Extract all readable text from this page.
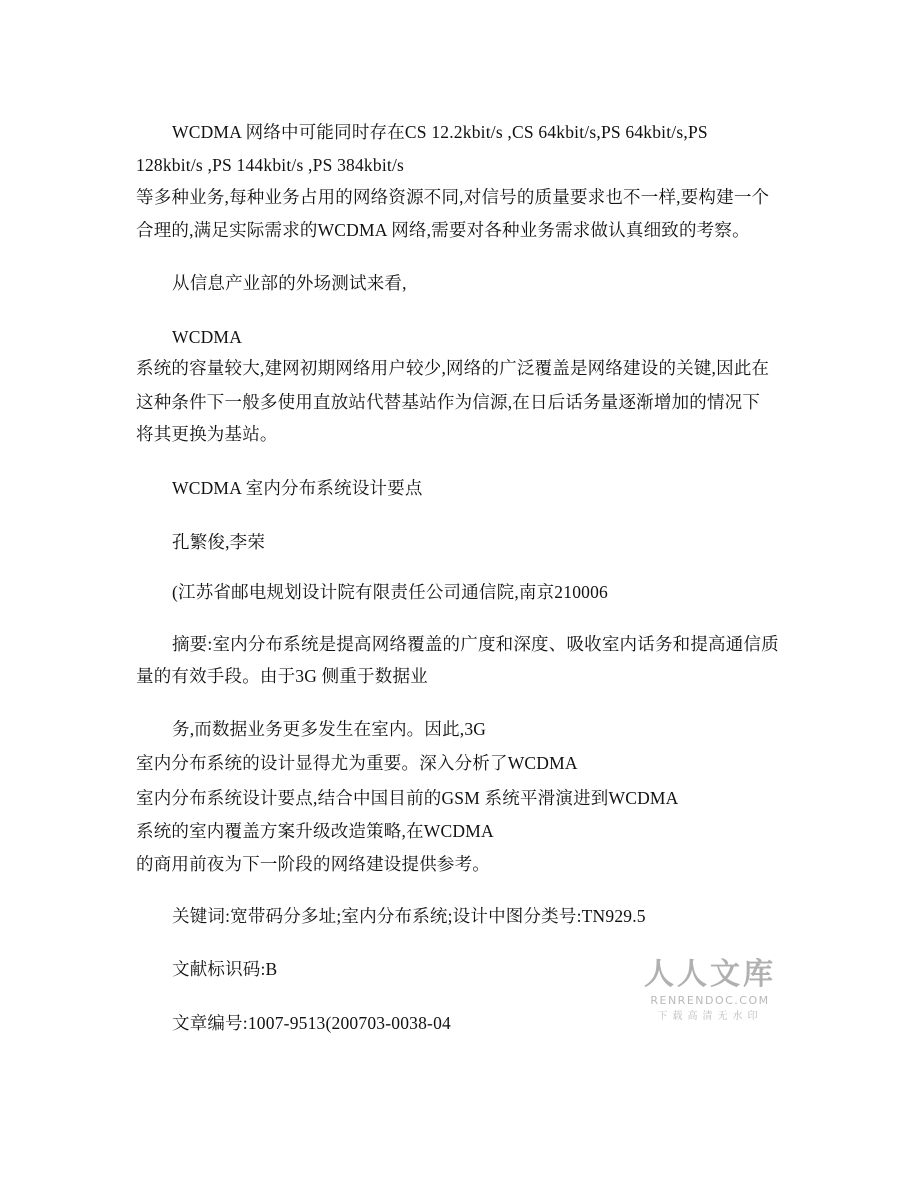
WCDMA 网络中可能同时存在CS 12.2kbit/s ,CS 64kbit/s,PS 64kbit/s,PS
128kbit/s ,PS 144kbit/s ,PS 384kbit/s
等多种业务,每种业务占用的网络资源不同,对信号的质量要求也不一样,要构建一个
合理的,满足实际需求的WCDMA 网络,需要对各种业务需求做认真细致的考察。
从信息产业部的外场测试来看,
WCDMA
系统的容量较大,建网初期网络用户较少,网络的广泛覆盖是网络建设的关键,因此在
这种条件下一般多使用直放站代替基站作为信源,在日后话务量逐渐增加的情况下
将其更换为基站。
WCDMA 室内分布系统设计要点
孔繁俊,李荣
(江苏省邮电规划设计院有限责任公司通信院,南京210006
摘要:室内分布系统是提高网络覆盖的广度和深度、吸收室内话务和提高通信质
量的有效手段。由于3G 侧重于数据业
务,而数据业务更多发生在室内。因此,3G
室内分布系统的设计显得尤为重要。深入分析了WCDMA
室内分布系统设计要点,结合中国目前的GSM 系统平滑演进到WCDMA
系统的室内覆盖方案升级改造策略,在WCDMA
的商用前夜为下一阶段的网络建设提供参考。
关键词:宽带码分多址;室内分布系统;设计中图分类号:TN929.5
文献标识码:B
文章编号:1007-9513(200703-0038-04
人人文库
RENRENDOC.COM
下载高清无水印
